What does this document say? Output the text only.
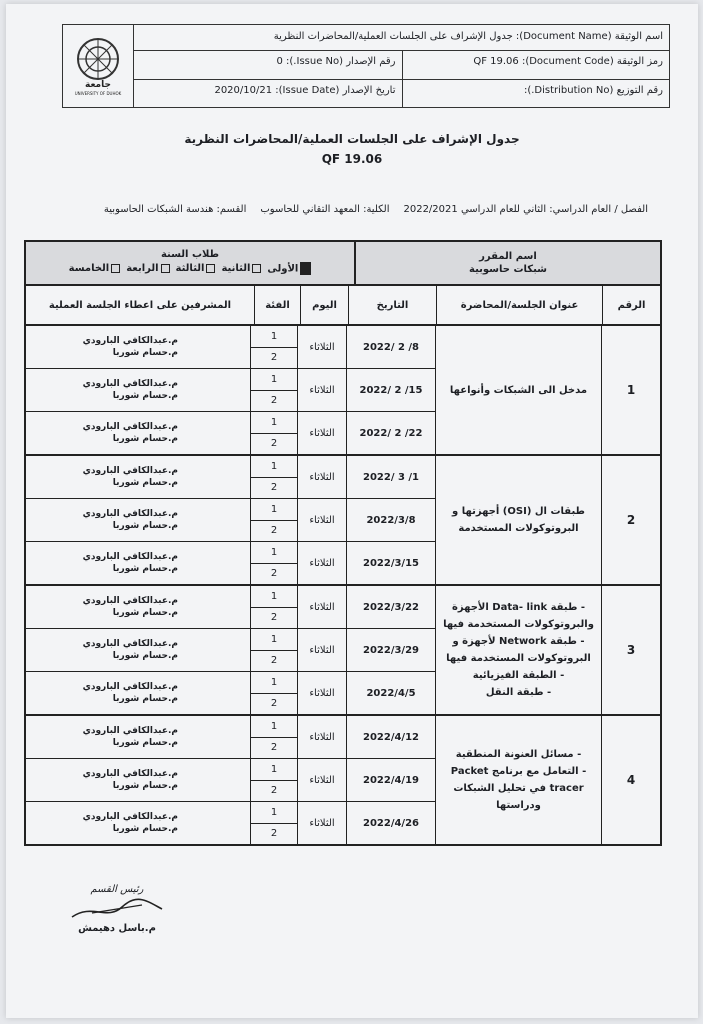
جامعة
UNIVERSITY OF DUHOK
اسم الوثيقة (Document Name): جدول الإشراف على الجلسات العملية/المحاضرات النظرية
رمز الوثيقة (Document Code): QF 19.06
رقم الإصدار (Issue No.): 0
رقم التوزيع (Distribution No.):
تاريخ الإصدار (Issue Date): 2020/10/21
جدول الإشراف على الجلسات العملية/المحاضرات النظرية
QF 19.06
الفصل / العام الدراسي: الثاني للعام الدراسي 2022/2021
الكلية: المعهد التقاني للحاسوب
القسم: هندسة الشبكات الحاسوبية
اسم المقرر
شبكات حاسوبية
طلاب السنة
الأولى
الثانية
الثالثة
الرابعة
الخامسة
الرقم
عنوان الجلسة/المحاضرة
التاريخ
اليوم
الفئة
المشرفين على اعطاء الجلسة العملية
1
مدخل الى الشبكات وأنواعها
2022/ 2 /8
الثلاثاء
1
2
م.عبدالكافي البارودي
م.حسام شوربا
2022/ 2 /15
الثلاثاء
1
2
م.عبدالكافي البارودي
م.حسام شوربا
2022/ 2 /22
الثلاثاء
1
2
م.عبدالكافي البارودي
م.حسام شوربا
2
طبقات ال (OSI) أجهزتها و
البروتوكولات المستخدمة
2022/ 3 /1
الثلاثاء
1
2
م.عبدالكافي البارودي
م.حسام شوربا
2022/3/8
الثلاثاء
1
2
م.عبدالكافي البارودي
م.حسام شوربا
2022/3/15
الثلاثاء
1
2
م.عبدالكافي البارودي
م.حسام شوربا
3
- طبقة Data- link الأجهزة
والبروتوكولات المستخدمة فيها
- طبقة Network لأجهزة و
البروتوكولات المستخدمة فيها
- الطبقة الفيزيائية
- طبقة النقل
2022/3/22
الثلاثاء
1
2
م.عبدالكافي البارودي
م.حسام شوربا
2022/3/29
الثلاثاء
1
2
م.عبدالكافي البارودي
م.حسام شوربا
2022/4/5
الثلاثاء
1
2
م.عبدالكافي البارودي
م.حسام شوربا
4
- مسائل العنونة المنطقية
- التعامل مع برنامج Packet
tracer في تحليل الشبكات
ودراستها
2022/4/12
الثلاثاء
1
2
م.عبدالكافي البارودي
م.حسام شوربا
2022/4/19
الثلاثاء
1
2
م.عبدالكافي البارودي
م.حسام شوربا
2022/4/26
الثلاثاء
1
2
م.عبدالكافي البارودي
م.حسام شوربا
رئيس القسم
م.باسل دهيمش
